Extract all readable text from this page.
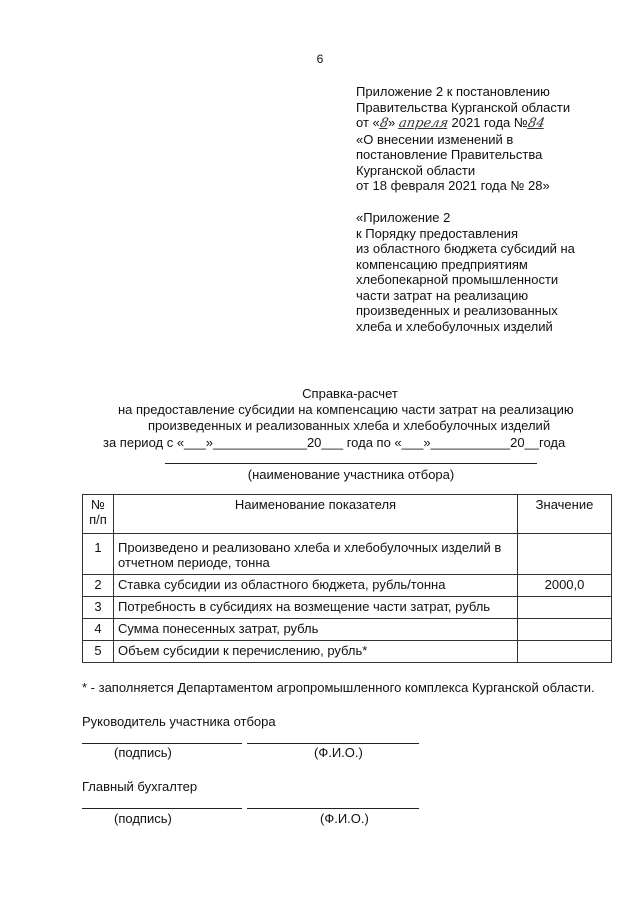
6
Приложение 2 к постановлению
Правительства Курганской области
от «8» апреля 2021 года №84
«О внесении изменений в
постановление Правительства
Курганской области
от 18 февраля 2021 года № 28»
«Приложение 2
к Порядку предоставления
из областного бюджета субсидий на
компенсацию предприятиям
хлебопекарной промышленности
части затрат на реализацию
произведенных и реализованных
хлеба и хлебобулочных изделий
Справка-расчет
на предоставление субсидии на компенсацию части затрат на реализацию
произведенных и реализованных хлеба и хлебобулочных изделий
за период с «___»_____________20___ года по «___»___________20__года
(наименование участника отбора)
№ п/п	Наименование показателя	Значение
1	Произведено и реализовано хлеба и хлебобулочных изделий в отчетном периоде, тонна	
2	Ставка субсидии из областного бюджета, рубль/тонна	2000,0
3	Потребность в субсидиях на возмещение части затрат, рубль	
4	Сумма понесенных затрат, рубль	
5	Объем субсидии к перечислению, рубль*	
* - заполняется Департаментом агропромышленного комплекса Курганской области.
Руководитель участника отбора
(подпись)	(Ф.И.О.)
Главный бухгалтер
(подпись)	(Ф.И.О.)
